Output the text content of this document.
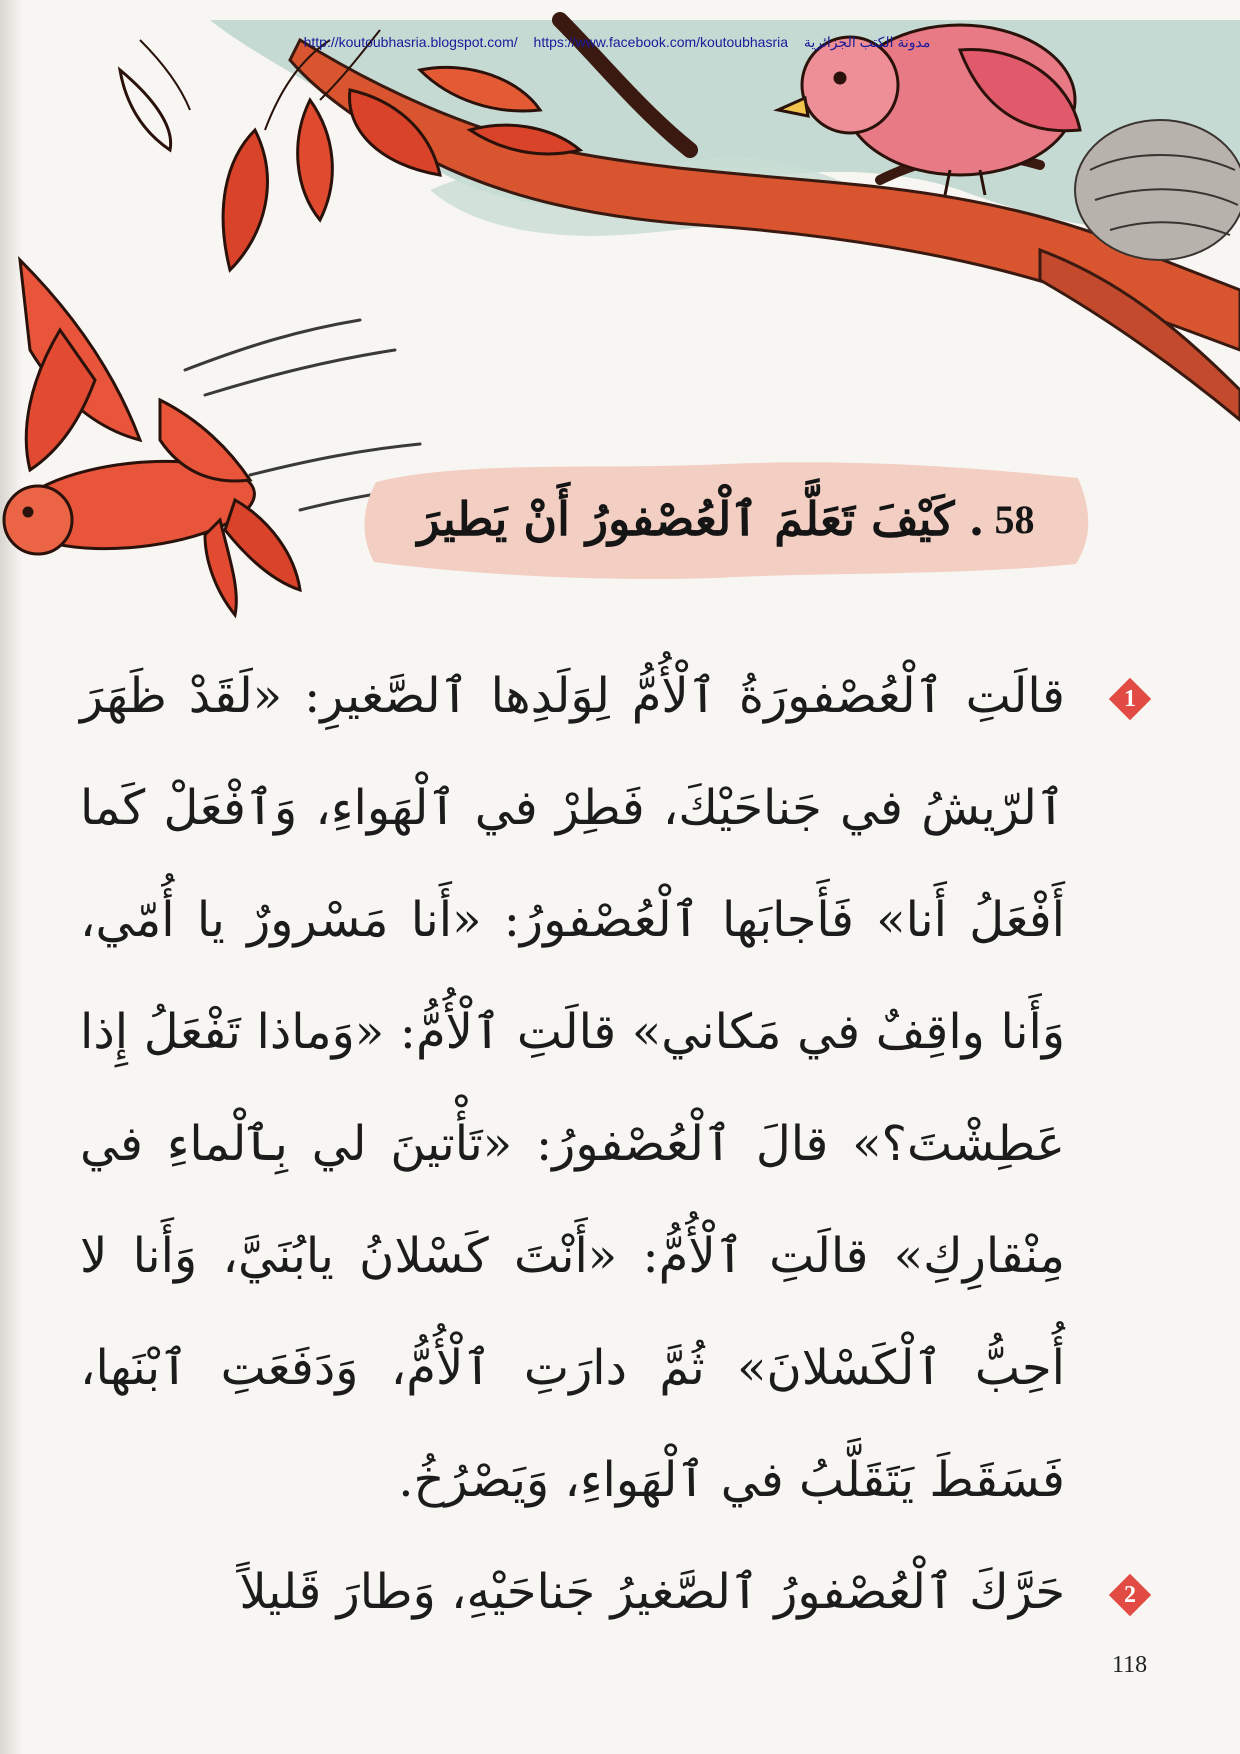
http://koutoubhasria.blogspot.com/ https://www.facebook.com/koutoubhasria مدونة الكتب الجزائرية
58
.
كَيْفَ تَعَلَّمَ ٱلْعُصْفورُ أَنْ يَطيرَ

1
قالَتِ ٱلْعُصْفورَةُ ٱلْأُمُّ لِوَلَدِها ٱلصَّغيرِ: «لَقَدْ ظَهَرَ ٱلرّيشُ في جَناحَيْكَ، فَطِرْ في ٱلْهَواءِ، وَٱفْعَلْ كَما أَفْعَلُ أَنا» فَأَجابَها ٱلْعُصْفورُ: «أَنا مَسْرورٌ يا أُمّي، وَأَنا واقِفٌ في مَكاني» قالَتِ ٱلْأُمُّ: «وَماذا تَفْعَلُ إِذا عَطِشْتَ؟» قالَ ٱلْعُصْفورُ: «تَأْتينَ لي بِٱلْماءِ في مِنْقارِكِ» قالَتِ ٱلْأُمُّ: «أَنْتَ كَسْلانُ يابُنَيَّ، وَأَنا لا أُحِبُّ ٱلْكَسْلانَ» ثُمَّ دارَتِ ٱلْأُمُّ، وَدَفَعَتِ ٱبْنَها، فَسَقَطَ يَتَقَلَّبُ في ٱلْهَواءِ، وَيَصْرُخُ.

2
حَرَّكَ ٱلْعُصْفورُ ٱلصَّغيرُ جَناحَيْهِ، وَطارَ قَليلاً

118
